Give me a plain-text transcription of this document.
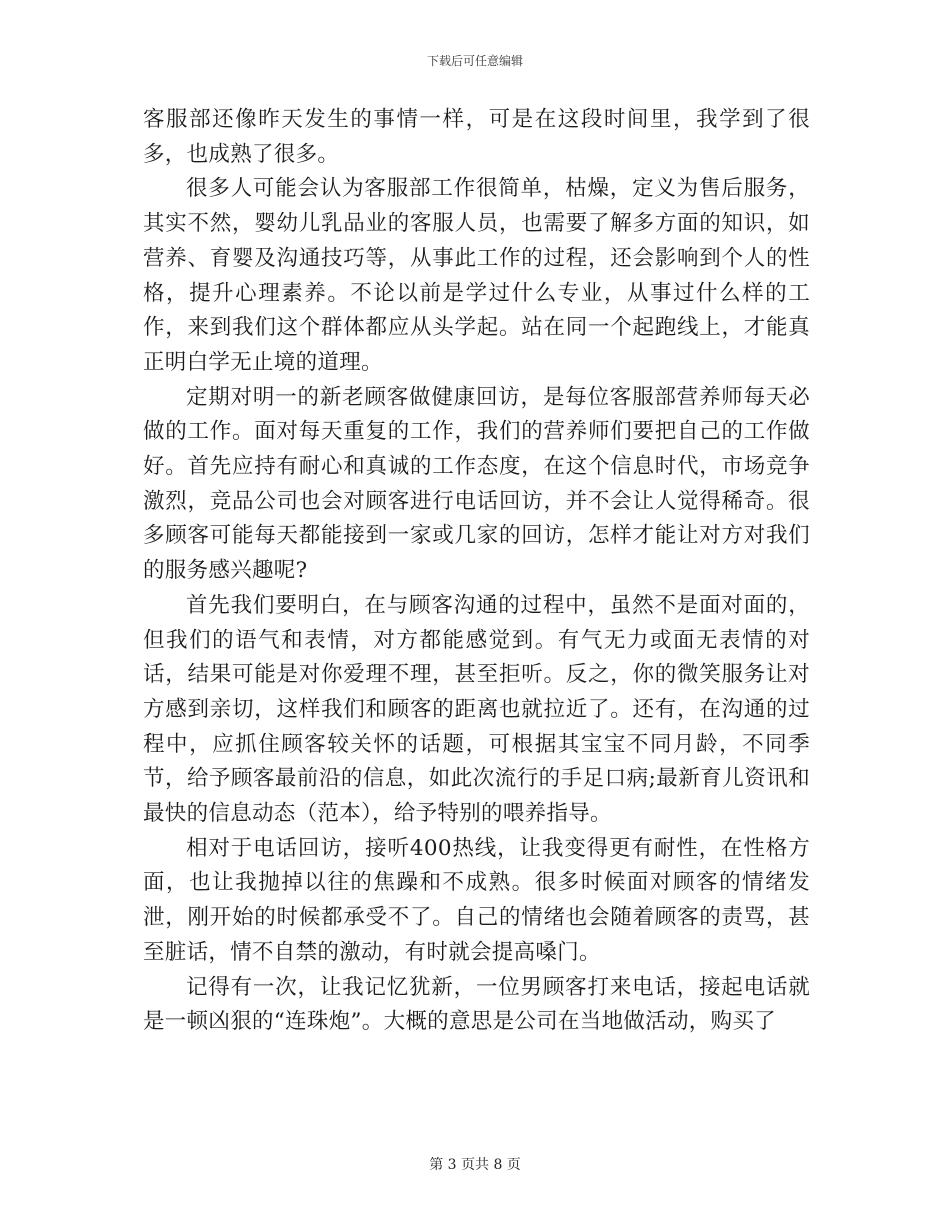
下载后可任意编辑

客服部还像昨天发生的事情一样，可是在这段时间里，我学到了很多，也成熟了很多。

很多人可能会认为客服部工作很简单，枯燥，定义为售后服务，其实不然，婴幼儿乳品业的客服人员，也需要了解多方面的知识，如营养、育婴及沟通技巧等，从事此工作的过程，还会影响到个人的性格，提升心理素养。不论以前是学过什么专业，从事过什么样的工作，来到我们这个群体都应从头学起。站在同一个起跑线上，才能真正明白学无止境的道理。

定期对明一的新老顾客做健康回访，是每位客服部营养师每天必做的工作。面对每天重复的工作，我们的营养师们要把自己的工作做好。首先应持有耐心和真诚的工作态度，在这个信息时代，市场竞争激烈，竞品公司也会对顾客进行电话回访，并不会让人觉得稀奇。很多顾客可能每天都能接到一家或几家的回访，怎样才能让对方对我们的服务感兴趣呢?

首先我们要明白，在与顾客沟通的过程中，虽然不是面对面的，但我们的语气和表情，对方都能感觉到。有气无力或面无表情的对话，结果可能是对你爱理不理，甚至拒听。反之，你的微笑服务让对方感到亲切，这样我们和顾客的距离也就拉近了。还有，在沟通的过程中，应抓住顾客较关怀的话题，可根据其宝宝不同月龄，不同季节，给予顾客最前沿的信息，如此次流行的手足口病;最新育儿资讯和最快的信息动态（范本），给予特别的喂养指导。

相对于电话回访，接听400热线，让我变得更有耐性，在性格方面，也让我抛掉以往的焦躁和不成熟。很多时候面对顾客的情绪发泄，刚开始的时候都承受不了。自己的情绪也会随着顾客的责骂，甚至脏话，情不自禁的激动，有时就会提高嗓门。

记得有一次，让我记忆犹新，一位男顾客打来电话，接起电话就是一顿凶狠的“连珠炮”。大概的意思是公司在当地做活动，购买了

第 3 页共 8 页
